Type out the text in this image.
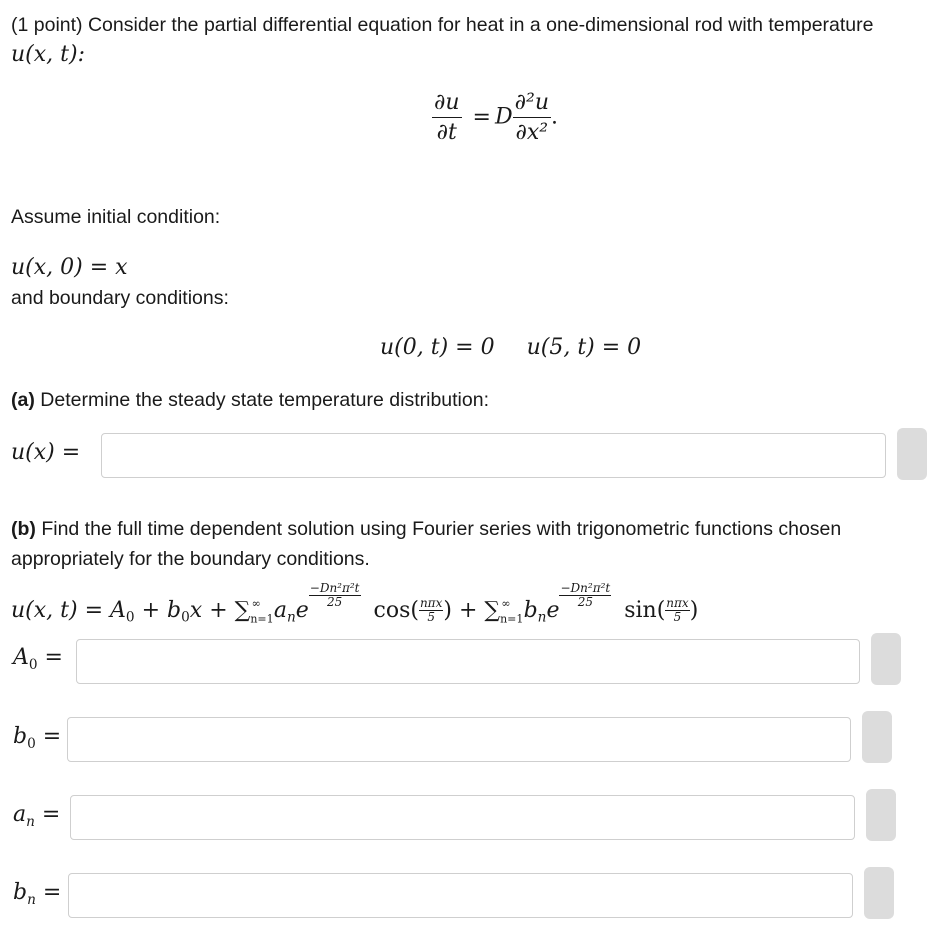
(1 point) Consider the partial differential equation for heat in a one-dimensional rod with temperature
u(x, t):
$\frac{\partial u}{\partial t} = D \frac{\text{∂²u}}{\text{∂x²}}$ .
Assume initial condition:
u(x, 0) = x
and boundary conditions:
u(0, t) = 0 u(5, t) = 0
(a) Determine the steady state temperature distribution:
u(x) =
(b) Find the full time dependent solution using Fourier series with trigonometric functions chosen
appropriately for the boundary conditions.
u(x, $t) = A_0 + b_0x + \sum_{n=1}^\infty$ $a_ne$
$\frac{\text{−Dn²π²t}}{25}$
$\cos( \frac{\text{nπx}}{5}$ ) + $\sum_{n=1}^\infty$ $b_ne$
$\frac{\text{−Dn²π²t}}{25}$
$\sin( \frac{\text{nπx}}{5}$ )
$A_0$ =
$b_0$ =
$a_n$ =
$b_n$ =
